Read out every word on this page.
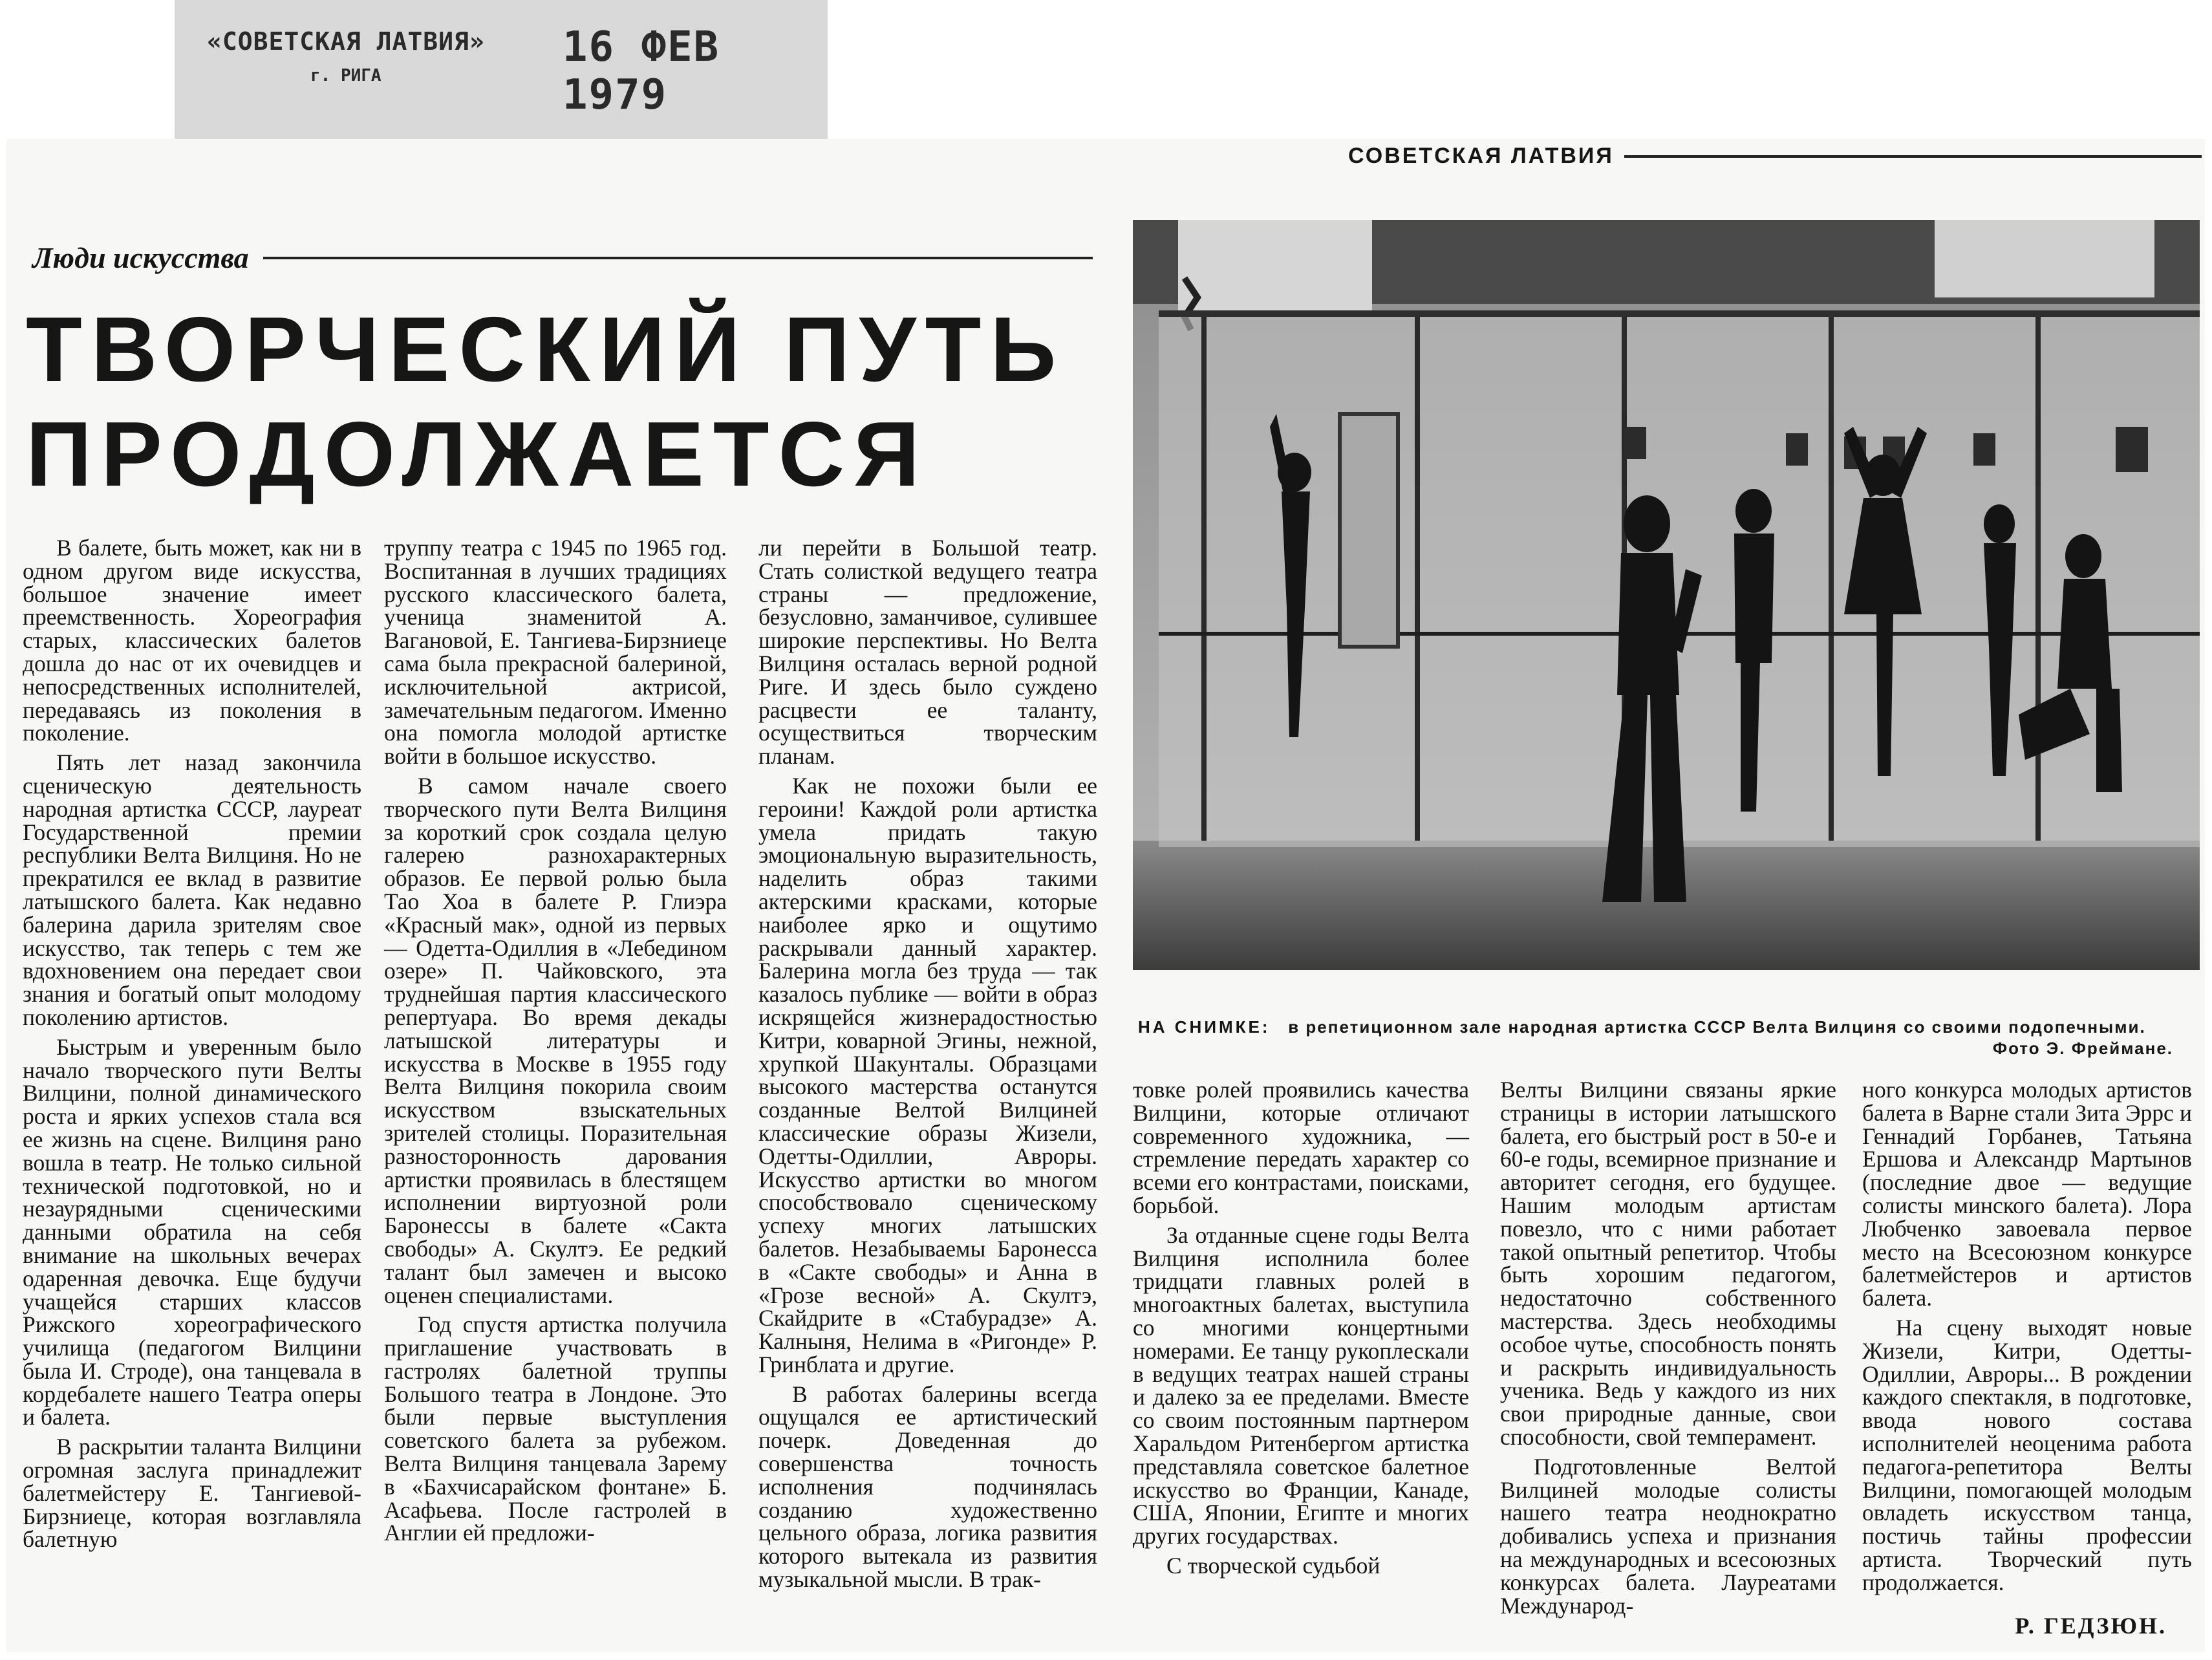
«СОВЕТСКАЯ ЛАТВИЯ»
г. РИГА
16 ФЕВ 1979
СОВЕТСКАЯ ЛАТВИЯ
Люди искусства
ТВОРЧЕСКИЙ ПУТЬ
ПРОДОЛЖАЕТСЯ
НА СНИМКЕ: в репетиционном зале народная артистка СССР Велта Вилциня со своими подопечными.
Фото Э. Фреймане.

В балете, быть может, как ни в одном другом виде искусства, большое значение имеет преемственность. Хореография старых, классических балетов дошла до нас от их очевидцев и непосредственных исполнителей, передаваясь из поколения в поколение.

Пять лет назад закончила сценическую деятельность народная артистка СССР, лауреат Государственной премии республики Велта Вилциня. Но не прекратился ее вклад в развитие латышского балета. Как недавно балерина дарила зрителям свое искусство, так теперь с тем же вдохновением она передает свои знания и богатый опыт молодому поколению артистов.

Быстрым и уверенным было начало творческого пути Велты Вилцини, полной динамического роста и ярких успехов стала вся ее жизнь на сцене. Вилциня рано вошла в театр. Не только сильной технической подготовкой, но и незаурядными сценическими данными обратила на себя внимание на школьных вечерах одаренная девочка. Еще будучи учащейся старших классов Рижского хореографического училища (педагогом Вилцини была И. Строде), она танцевала в кордебалете нашего Театра оперы и балета.

В раскрытии таланта Вилцини огромная заслуга принадлежит балетмейстеру Е. Тангиевой-Бирзниеце, которая возглавляла балетную

труппу театра с 1945 по 1965 год. Воспитанная в лучших традициях русского классического балета, ученица знаменитой А. Вагановой, Е. Тангиева-Бирзниеце сама была прекрасной балериной, исключительной актрисой, замечательным педагогом. Именно она помогла молодой артистке войти в большое искусство.

В самом начале своего творческого пути Велта Вилциня за короткий срок создала целую галерею разнохарактерных образов. Ее первой ролью была Тао Хоа в балете Р. Глиэра «Красный мак», одной из первых — Одетта-Одиллия в «Лебедином озере» П. Чайковского, эта труднейшая партия классического репертуара. Во время декады латышской литературы и искусства в Москве в 1955 году Велта Вилциня покорила своим искусством взыскательных зрителей столицы. Поразительная разносторонность дарования артистки проявилась в блестящем исполнении виртуозной роли Баронессы в балете «Сакта свободы» А. Скултэ. Ее редкий талант был замечен и высоко оценен специалистами.

Год спустя артистка получила приглашение участвовать в гастролях балетной труппы Большого театра в Лондоне. Это были первые выступления советского балета за рубежом. Велта Вилциня танцевала Зарему в «Бахчисарайском фонтане» Б. Асафьева. После гастролей в Англии ей предложи-

ли перейти в Большой театр. Стать солисткой ведущего театра страны — предложение, безусловно, заманчивое, сулившее широкие перспективы. Но Велта Вилциня осталась верной родной Риге. И здесь было суждено расцвести ее таланту, осуществиться творческим планам.

Как не похожи были ее героини! Каждой роли артистка умела придать такую эмоциональную выразительность, наделить образ такими актерскими красками, которые наиболее ярко и ощутимо раскрывали данный характер. Балерина могла без труда — так казалось публике — войти в образ искрящейся жизнерадостностью Китри, коварной Эгины, нежной, хрупкой Шакунталы. Образцами высокого мастерства останутся созданные Велтой Вилциней классические образы Жизели, Одетты-Одиллии, Авроры. Искусство артистки во многом способствовало сценическому успеху многих латышских балетов. Незабываемы Баронесса в «Сакте свободы» и Анна в «Грозе весной» А. Скултэ, Скайдрите в «Стабурадзе» А. Калныня, Нелима в «Ригонде» Р. Гринблата и другие.

В работах балерины всегда ощущался ее артистический почерк. Доведенная до совершенства точность исполнения подчинялась созданию художественно цельного образа, логика развития которого вытекала из развития музыкальной мысли. В трак-

товке ролей проявились качества Вилцини, которые отличают современного художника, — стремление передать характер со всеми его контрастами, поисками, борьбой.

За отданные сцене годы Велта Вилциня исполнила более тридцати главных ролей в многоактных балетах, выступила со многими концертными номерами. Ее танцу рукоплескали в ведущих театрах нашей страны и далеко за ее пределами. Вместе со своим постоянным партнером Харальдом Ритенбергом артистка представляла советское балетное искусство во Франции, Канаде, США, Японии, Египте и многих других государствах.

С творческой судьбой

Велты Вилцини связаны яркие страницы в истории латышского балета, его быстрый рост в 50-е и 60-е годы, всемирное признание и авторитет сегодня, его будущее. Нашим молодым артистам повезло, что с ними работает такой опытный репетитор. Чтобы быть хорошим педагогом, недостаточно собственного мастерства. Здесь необходимы особое чутье, способность понять и раскрыть индивидуальность ученика. Ведь у каждого из них свои природные данные, свои способности, свой темперамент.

Подготовленные Велтой Вилциней молодые солисты нашего театра неоднократно добивались успеха и признания на международных и всесоюзных конкурсах балета. Лауреатами Международ-

ного конкурса молодых артистов балета в Варне стали Зита Эррс и Геннадий Горбанев, Татьяна Ершова и Александр Мартынов (последние двое — ведущие солисты минского балета). Лора Любченко завоевала первое место на Всесоюзном конкурсе балетмейстеров и артистов балета.

На сцену выходят новые Жизели, Китри, Одетты-Одиллии, Авроры... В рождении каждого спектакля, в подготовке, ввода нового состава исполнителей неоценима работа педагога-репетитора Велты Вилцини, помогающей молодым овладеть искусством танца, постичь тайны профессии артиста. Творческий путь продолжается.

Р. ГЕДЗЮН.
